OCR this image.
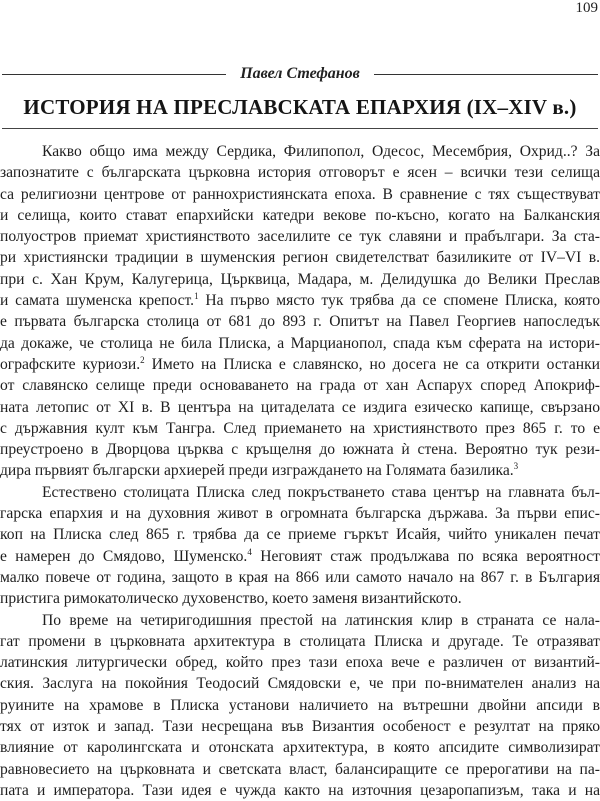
109
Павел Стефанов
ИСТОРИЯ НА ПРЕСЛАВСКАТА ЕПАРХИЯ (IX–XIV в.)
Какво общо има между Сердика, Филипопол, Одесос, Месембрия, Охрид..? За
запознатите с българската църковна история отговорът е ясен – всички тези селища
са религиозни центрове от раннохристиянската епоха. В сравнение с тях съществуват
и селища, които стават епархийски катедри векове по-късно, когато на Балканския
полуостров приемат християнството заселилите се тук славяни и прабългари. За ста-
ри християнски традиции в шуменския регион свидетелстват базиликите от IV–VI в.
при с. Хан Крум, Калугерица, Църквица, Мадара, м. Делидушка до Велики Преслав
и самата шуменска крепост.$^1$ На първо място тук трябва да се спомене Плиска, която
е първата българска столица от 681 до 893 г. Опитът на Павел Георгиев напоследък
да докаже, че столица не била Плиска, а Марцианопол, спада към сферата на истори-
ографските куриози.$^2$ Името на Плиска е славянско, но досега не са открити останки
от славянско селище преди основаването на града от хан Аспарух според Апокриф-
ната летопис от XI в. В центъра на цитаделата се издига езическо капище, свързано
с държавния култ към Тангра. След приемането на християнството през 865 г. то е
преустроено в Дворцова църква с кръщелня до южната ѝ стена. Вероятно тук рези-
дира първият български архиерей преди изграждането на Голямата базилика.$^3$
Естествено столицата Плиска след покръстването става център на главната бъл-
гарска епархия и на духовния живот в огромната българска държава. За първи епис-
коп на Плиска след 865 г. трябва да се приеме гъркът Исайя, чийто уникален печат
е намерен до Смядово, Шуменско.$^4$ Неговият стаж продължава по всяка вероятност
малко повече от година, защото в края на 866 или самото начало на 867 г. в България
пристига римокатолическо духовенство, което заменя византийското.
По време на четиригодишния престой на латинския клир в страната се нала-
гат промени в църковната архитектура в столицата Плиска и другаде. Те отразяват
латинския литургически обред, който през тази епоха вече е различен от византий-
ския. Заслуга на покойния Теодосий Смядовски е, че при по-внимателен анализ на
руините на храмове в Плиска установи наличието на вътрешни двойни апсиди в
тях от изток и запад. Тази несрещана във Византия особеност е резултат на пряко
влияние от каролингската и отонската архитектура, в която апсидите символизират
равновесието на църковната и светската власт, балансиращите се прерогативи на па-
пата и императора. Тази идея е чужда както на източния цезаропапизъм, така и на
